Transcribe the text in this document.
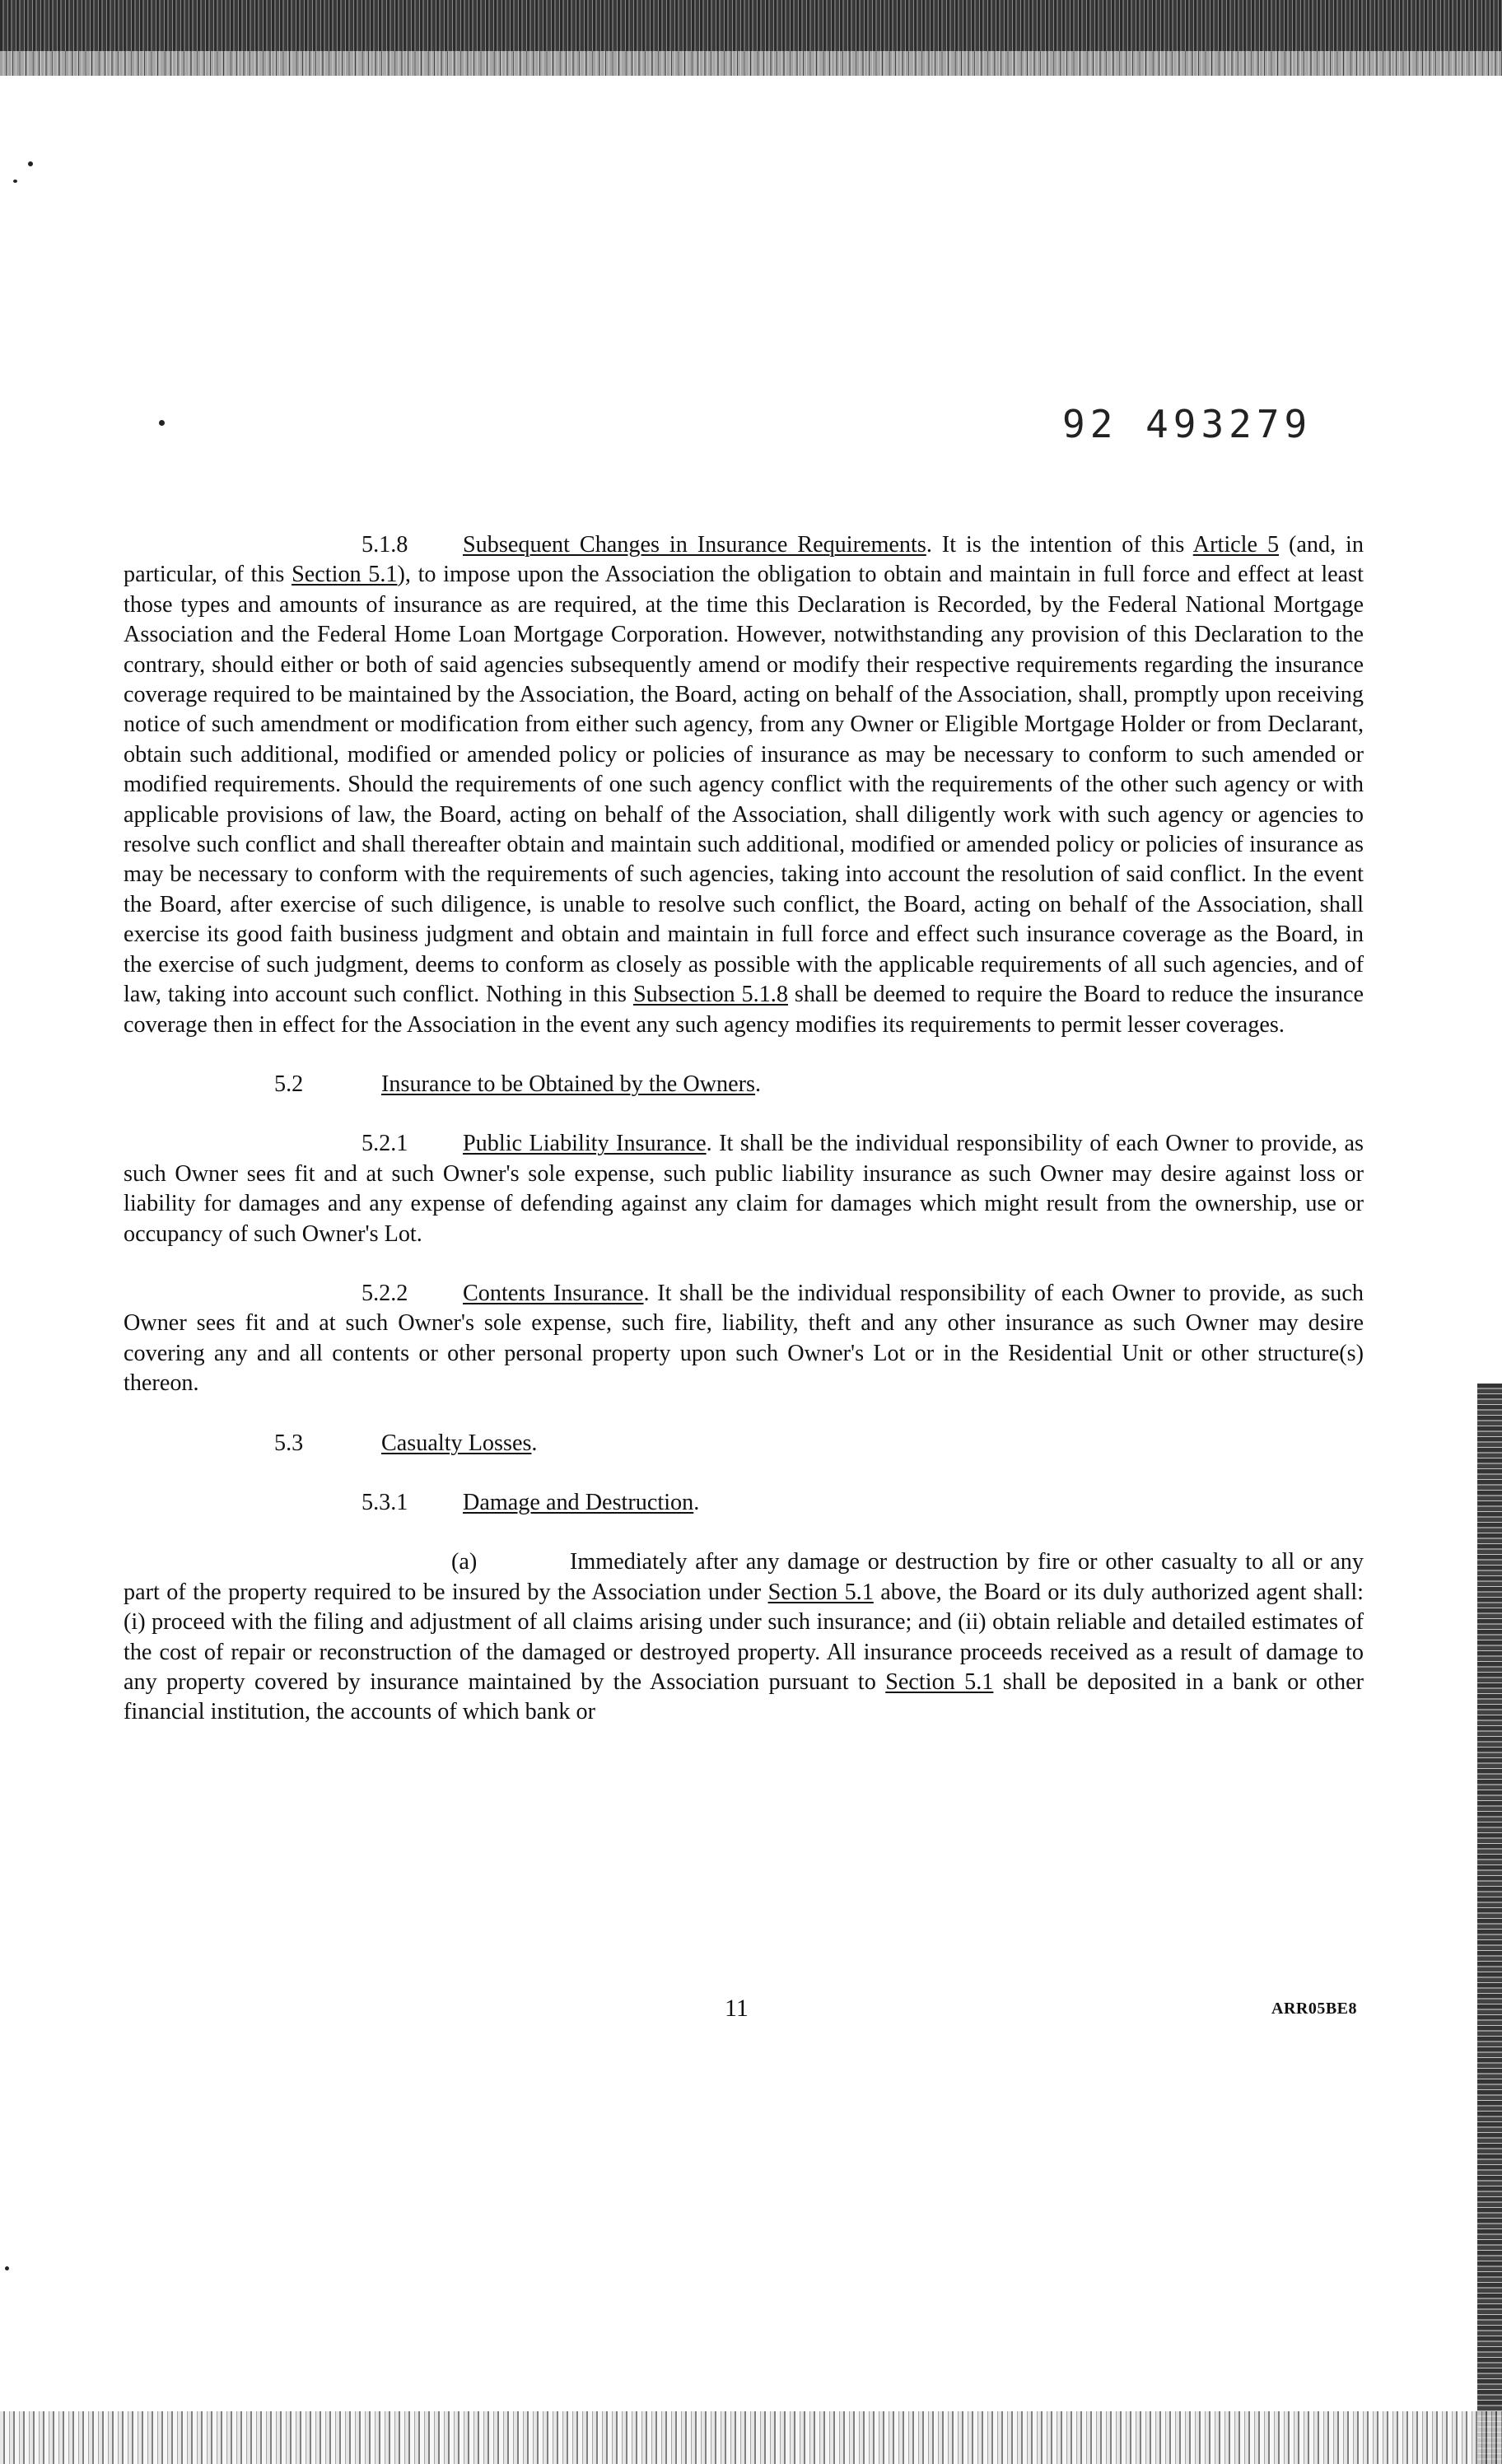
92 493279

5.1.8 Subsequent Changes in Insurance Requirements. It is the intention of this Article 5 (and, in particular, of this Section 5.1), to impose upon the Association the obligation to obtain and maintain in full force and effect at least those types and amounts of insurance as are required, at the time this Declaration is Recorded, by the Federal National Mortgage Association and the Federal Home Loan Mortgage Corporation. However, notwithstanding any provision of this Declaration to the contrary, should either or both of said agencies subsequently amend or modify their respective requirements regarding the insurance coverage required to be maintained by the Association, the Board, acting on behalf of the Association, shall, promptly upon receiving notice of such amendment or modification from either such agency, from any Owner or Eligible Mortgage Holder or from Declarant, obtain such additional, modified or amended policy or policies of insurance as may be necessary to conform to such amended or modified requirements. Should the requirements of one such agency conflict with the requirements of the other such agency or with applicable provisions of law, the Board, acting on behalf of the Association, shall diligently work with such agency or agencies to resolve such conflict and shall thereafter obtain and maintain such additional, modified or amended policy or policies of insurance as may be necessary to conform with the requirements of such agencies, taking into account the resolution of said conflict. In the event the Board, after exercise of such diligence, is unable to resolve such conflict, the Board, acting on behalf of the Association, shall exercise its good faith business judgment and obtain and maintain in full force and effect such insurance coverage as the Board, in the exercise of such judgment, deems to conform as closely as possible with the applicable requirements of all such agencies, and of law, taking into account such conflict. Nothing in this Subsection 5.1.8 shall be deemed to require the Board to reduce the insurance coverage then in effect for the Association in the event any such agency modifies its requirements to permit lesser coverages.

5.2	Insurance to be Obtained by the Owners.

5.2.1 Public Liability Insurance. It shall be the individual responsibility of each Owner to provide, as such Owner sees fit and at such Owner's sole expense, such public liability insurance as such Owner may desire against loss or liability for damages and any expense of defending against any claim for damages which might result from the ownership, use or occupancy of such Owner's Lot.

5.2.2 Contents Insurance. It shall be the individual responsibility of each Owner to provide, as such Owner sees fit and at such Owner's sole expense, such fire, liability, theft and any other insurance as such Owner may desire covering any and all contents or other personal property upon such Owner's Lot or in the Residential Unit or other structure(s) thereon.

5.3	Casualty Losses.

5.3.1 Damage and Destruction.

(a)	Immediately after any damage or destruction by fire or other casualty to all or any part of the property required to be insured by the Association under Section 5.1 above, the Board or its duly authorized agent shall: (i) proceed with the filing and adjustment of all claims arising under such insurance; and (ii) obtain reliable and detailed estimates of the cost of repair or reconstruction of the damaged or destroyed property. All insurance proceeds received as a result of damage to any property covered by insurance maintained by the Association pursuant to Section 5.1 shall be deposited in a bank or other financial institution, the accounts of which bank or

11	ARR05BE8
